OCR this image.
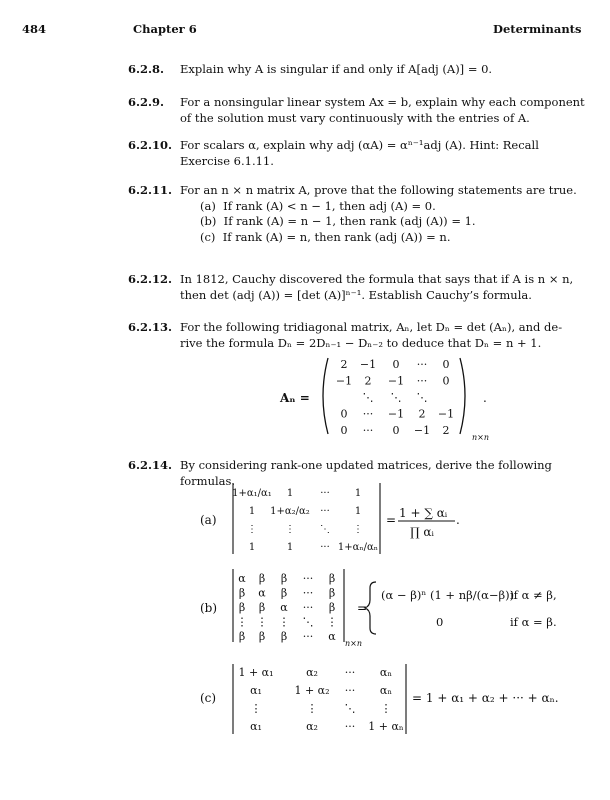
484	Chapter 6	Determinants
6.2.8. Explain why A is singular if and only if A[adj (A)] = 0.
6.2.9. For a nonsingular linear system Ax = b, explain why each component
of the solution must vary continuously with the entries of A.
6.2.10. For scalars α, explain why adj (αA) = αⁿ⁻¹adj (A). Hint: Recall
Exercise 6.1.11.
6.2.11. For an n × n matrix A, prove that the following statements are true.
(a) If rank (A) < n − 1, then adj (A) = 0.
(b) If rank (A) = n − 1, then rank (adj (A)) = 1.
(c) If rank (A) = n, then rank (adj (A)) = n.
6.2.12. In 1812, Cauchy discovered the formula that says that if A is n × n,
then det (adj (A)) = [det (A)]ⁿ⁻¹. Establish Cauchy’s formula.
6.2.13. For the following tridiagonal matrix, Aₙ, let Dₙ = det (Aₙ), and de-
rive the formula Dₙ = 2Dₙ₋₁ − Dₙ₋₂ to deduce that Dₙ = n + 1.
Aₙ =
2 −1 0 ··· 0
−1 2 −1 ··· 0
⋱ ⋱ ⋱
0 ··· −1 2 −1
0 ··· 0 −1 2
.
n×n
6.2.14. By considering rank-one updated matrices, derive the following formulas.
(a)
1+α₁/α₁ 1	···	1
1 1+α₂/α₂ ···	1
⋮	⋮	⋱ ⋮
1	1	··· 1+αₙ/αₙ
= 1 + ∑ αᵢ
∏ αᵢ
.
(b)
α β β ··· β
β α β ··· β
β β α ··· β
⋮ ⋮ ⋮ ⋱ ⋮
β β β ··· α
n×n
=
(α − β)ⁿ (1 + nβ/(α−β))
if α ≠ β,
0	if α = β.
(c)
1 + α₁	α₂ ··· αₙ
α₁	1 + α₂ ··· αₙ
⋮	⋮ ⋱ ⋮
α₁	α₂ ··· 1 + αₙ
= 1 + α₁ + α₂ + ··· + αₙ.
